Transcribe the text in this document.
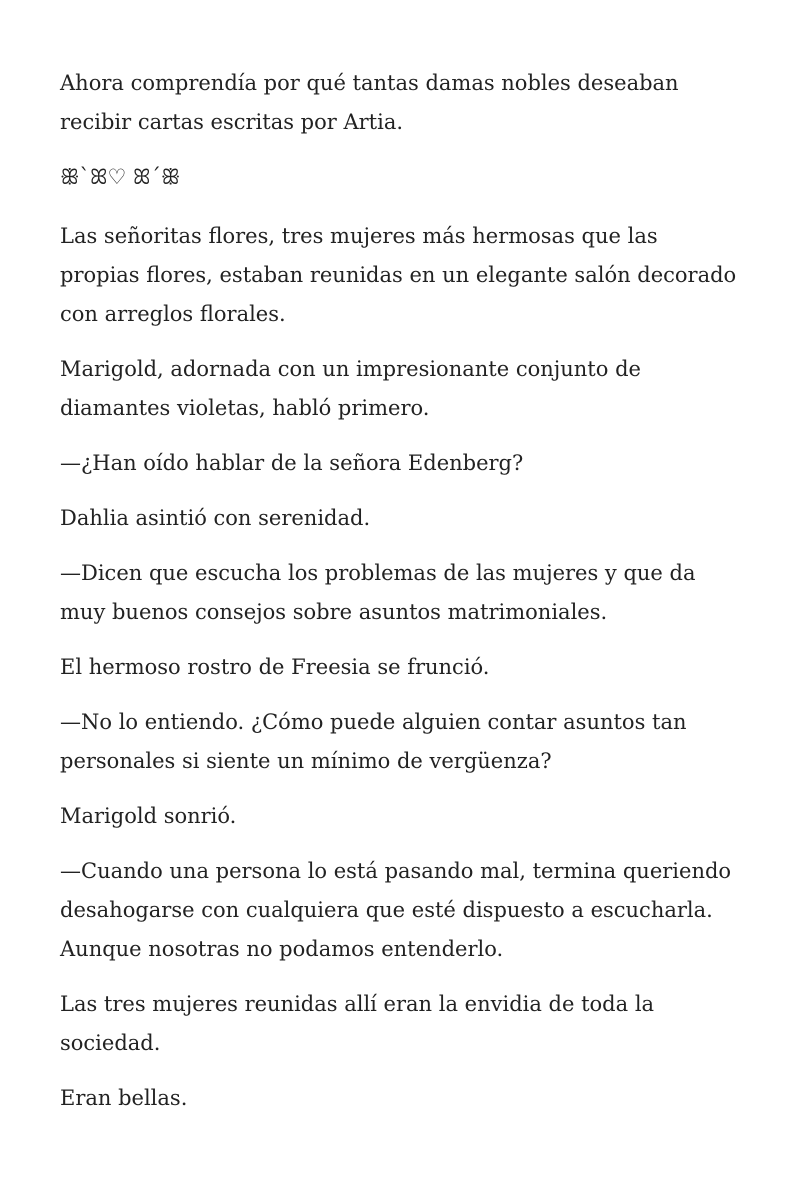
Ahora comprendía por qué tantas damas nobles deseaban recibir cartas escritas por Artia.

ꕥ`ꕤ♡ ꕤ´ꕥ

Las señoritas flores, tres mujeres más hermosas que las propias flores, estaban reunidas en un elegante salón decorado con arreglos florales.

Marigold, adornada con un impresionante conjunto de diamantes violetas, habló primero.

—¿Han oído hablar de la señora Edenberg?

Dahlia asintió con serenidad.

—Dicen que escucha los problemas de las mujeres y que da muy buenos consejos sobre asuntos matrimoniales.

El hermoso rostro de Freesia se frunció.

—No lo entiendo. ¿Cómo puede alguien contar asuntos tan personales si siente un mínimo de vergüenza?

Marigold sonrió.

—Cuando una persona lo está pasando mal, termina queriendo desahogarse con cualquiera que esté dispuesto a escucharla. Aunque nosotras no podamos entenderlo.

Las tres mujeres reunidas allí eran la envidia de toda la sociedad.

Eran bellas.
